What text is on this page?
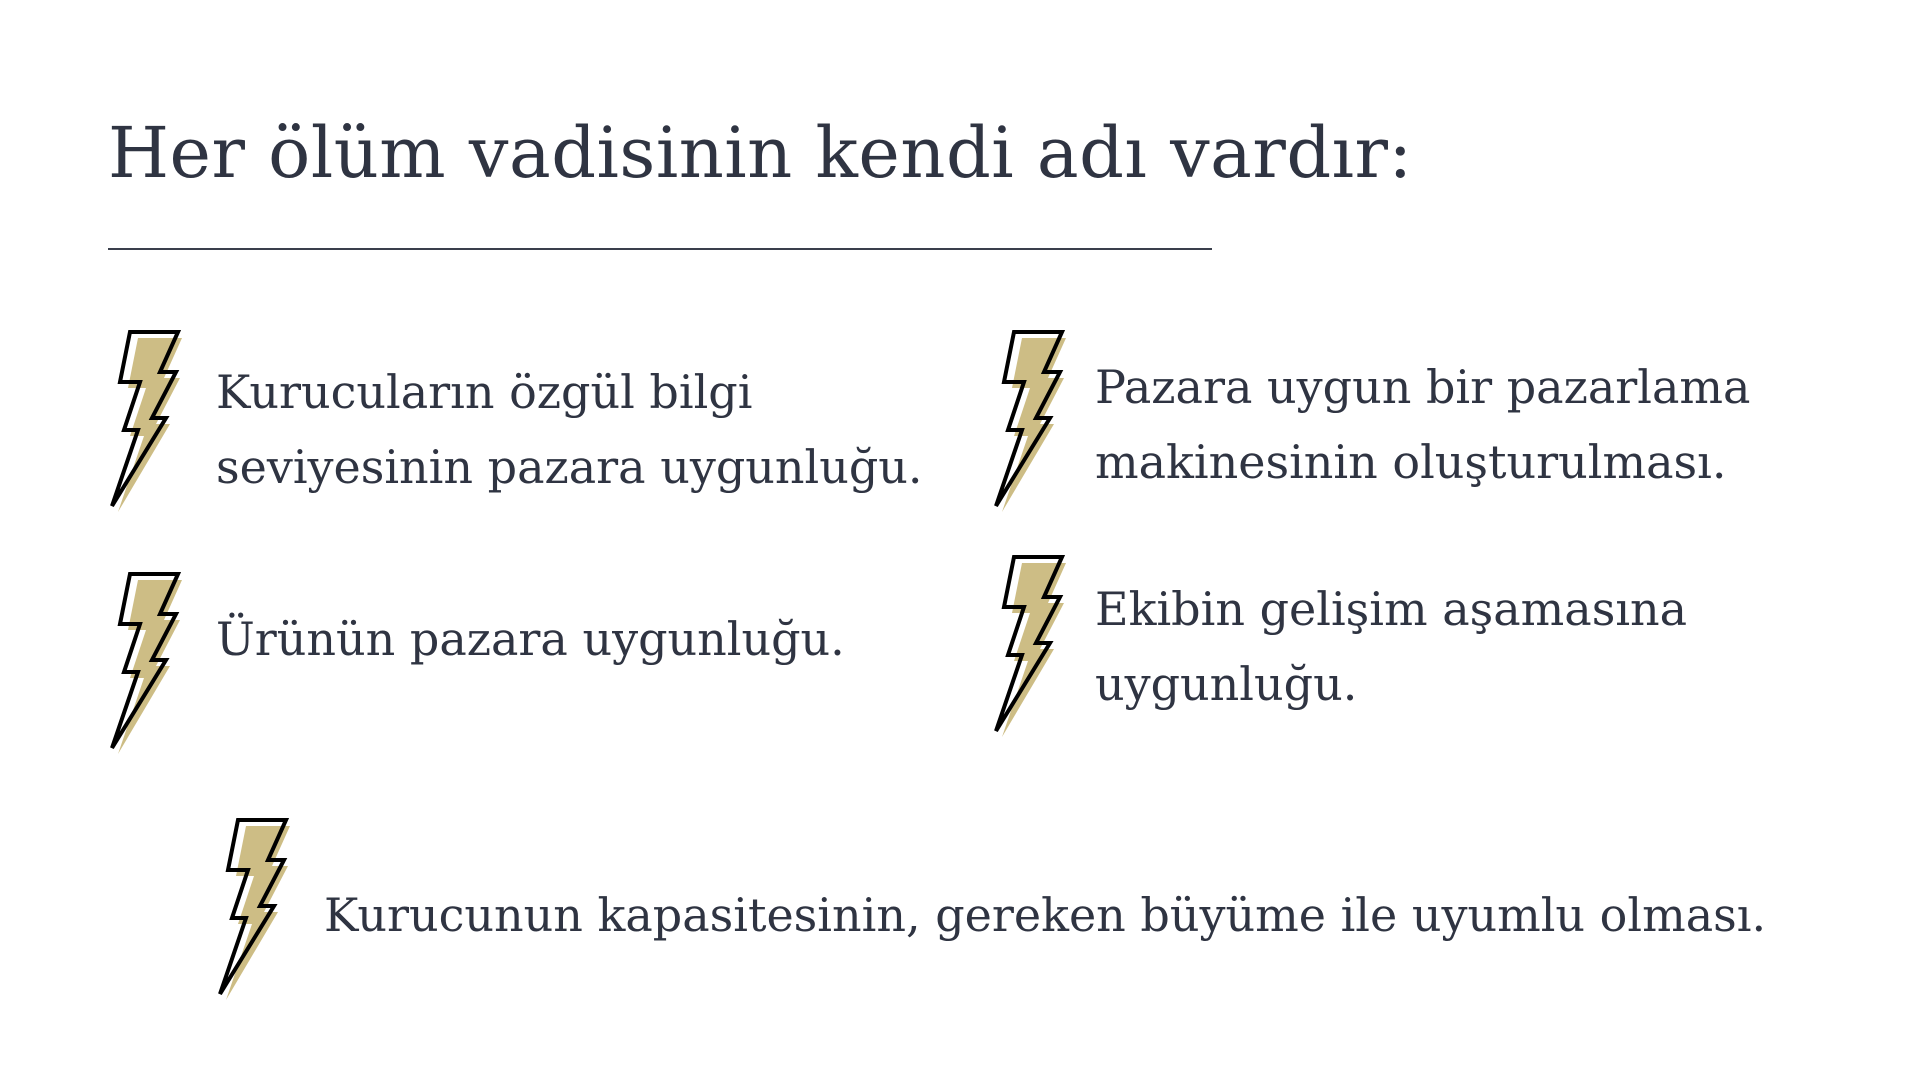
Her ölüm vadisinin kendi adı vardır:
Kurucuların özgül bilgi
seviyesinin pazara uygunluğu.
Pazara uygun bir pazarlama
makinesinin oluşturulması.
Ürünün pazara uygunluğu.
Ekibin gelişim aşamasına
uygunluğu.
Kurucunun kapasitesinin, gereken büyüme ile uyumlu olması.
